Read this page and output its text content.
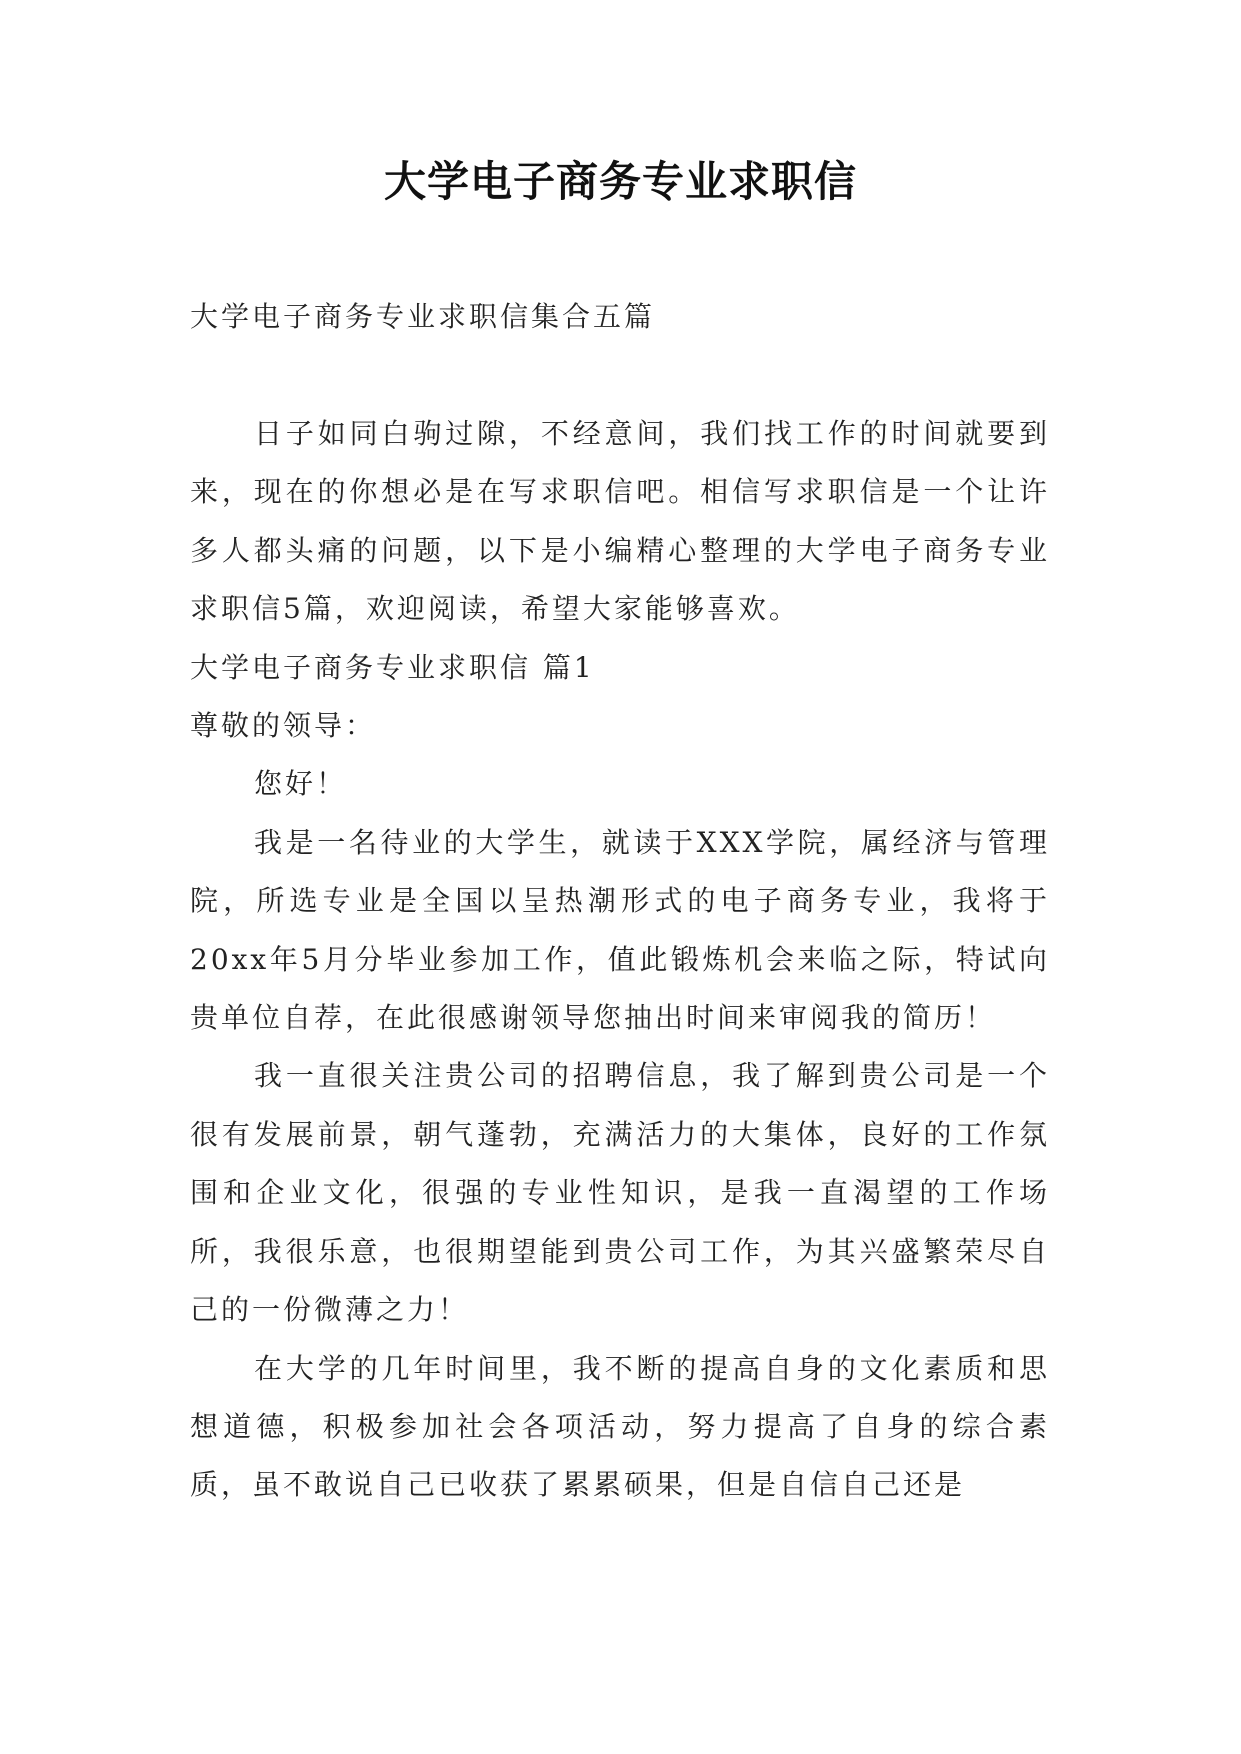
大学电子商务专业求职信

大学电子商务专业求职信集合五篇

日子如同白驹过隙，不经意间，我们找工作的时间就要到来，现在的你想必是在写求职信吧。相信写求职信是一个让许多人都头痛的问题，以下是小编精心整理的大学电子商务专业求职信5篇，欢迎阅读，希望大家能够喜欢。

大学电子商务专业求职信 篇1

尊敬的领导：

您好！

我是一名待业的大学生，就读于XXX学院，属经济与管理院，所选专业是全国以呈热潮形式的电子商务专业，我将于20xx年5月分毕业参加工作，值此锻炼机会来临之际，特试向贵单位自荐，在此很感谢领导您抽出时间来审阅我的简历！

我一直很关注贵公司的招聘信息，我了解到贵公司是一个很有发展前景，朝气蓬勃，充满活力的大集体，良好的工作氛围和企业文化，很强的专业性知识，是我一直渴望的工作场所，我很乐意，也很期望能到贵公司工作，为其兴盛繁荣尽自己的一份微薄之力！

在大学的几年时间里，我不断的提高自身的文化素质和思想道德，积极参加社会各项活动，努力提高了自身的综合素质，虽不敢说自己已收获了累累硕果，但是自信自己还是
